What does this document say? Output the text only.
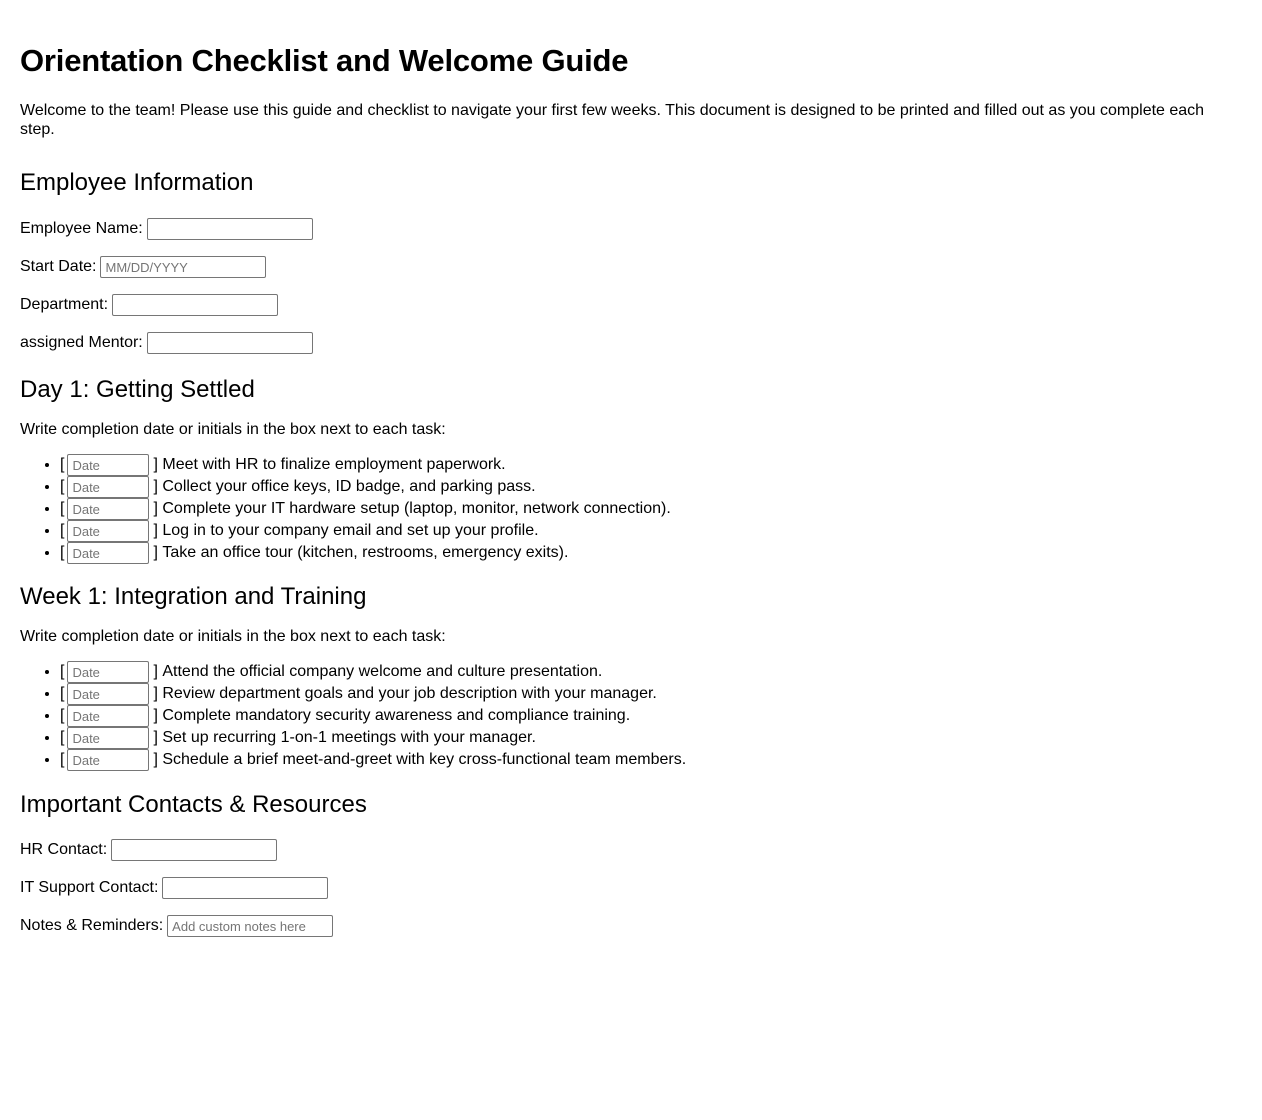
Orientation Checklist and Welcome Guide

Welcome to the team! Please use this guide and checklist to navigate your first few weeks. This document is designed to be printed and filled out as you complete each step.

Employee Information
Employee Name:
Start Date:
MM/DD/YYYY
Department:
assigned Mentor:
Day 1: Getting Settled

Write completion date or initials in the box next to each task:

• [
Date	]
Meet with HR to finalize employment paperwork.
• [
Date	]
Collect your office keys, ID badge, and parking pass.
• [
Date	]
Complete your IT hardware setup (laptop, monitor, network connection).
• [
Date	]
Log in to your company email and set up your profile.
• [
Date	]
Take an office tour (kitchen, restrooms, emergency exits).
Week 1: Integration and Training

Write completion date or initials in the box next to each task:

• [
Date	]
Attend the official company welcome and culture presentation.
• [
Date	]
Review department goals and your job description with your manager.
• [
Date	]
Complete mandatory security awareness and compliance training.
• [
Date	]
Set up recurring 1-on-1 meetings with your manager.
• [
Date	]
Schedule a brief meet-and-greet with key cross-functional team members.
Important Contacts & Resources
HR Contact:
IT Support Contact:
Notes & Reminders:
Add custom notes here
